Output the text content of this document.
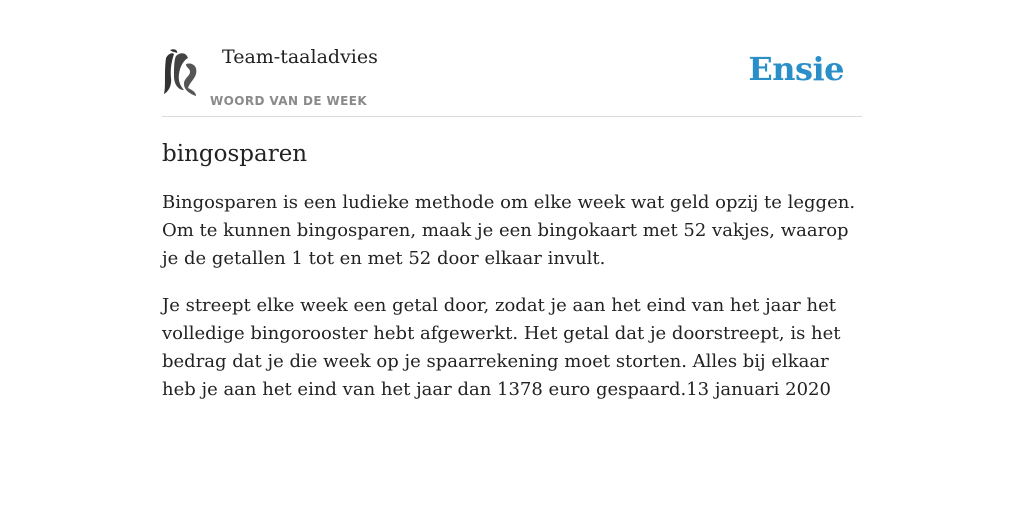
Team-taaladvies
WOORD VAN DE WEEK
Ensie
bingosparen

Bingosparen is een ludieke methode om elke week wat geld opzij te leggen. Om te kunnen bingosparen, maak je een bingokaart met 52 vakjes, waarop je de getallen 1 tot en met 52 door elkaar invult.

Je streept elke week een getal door, zodat je aan het eind van het jaar het volledige bingorooster hebt afgewerkt. Het getal dat je doorstreept, is het bedrag dat je die week op je spaarrekening moet storten. Alles bij elkaar heb je aan het eind van het jaar dan 1378 euro gespaard.13 januari 2020
